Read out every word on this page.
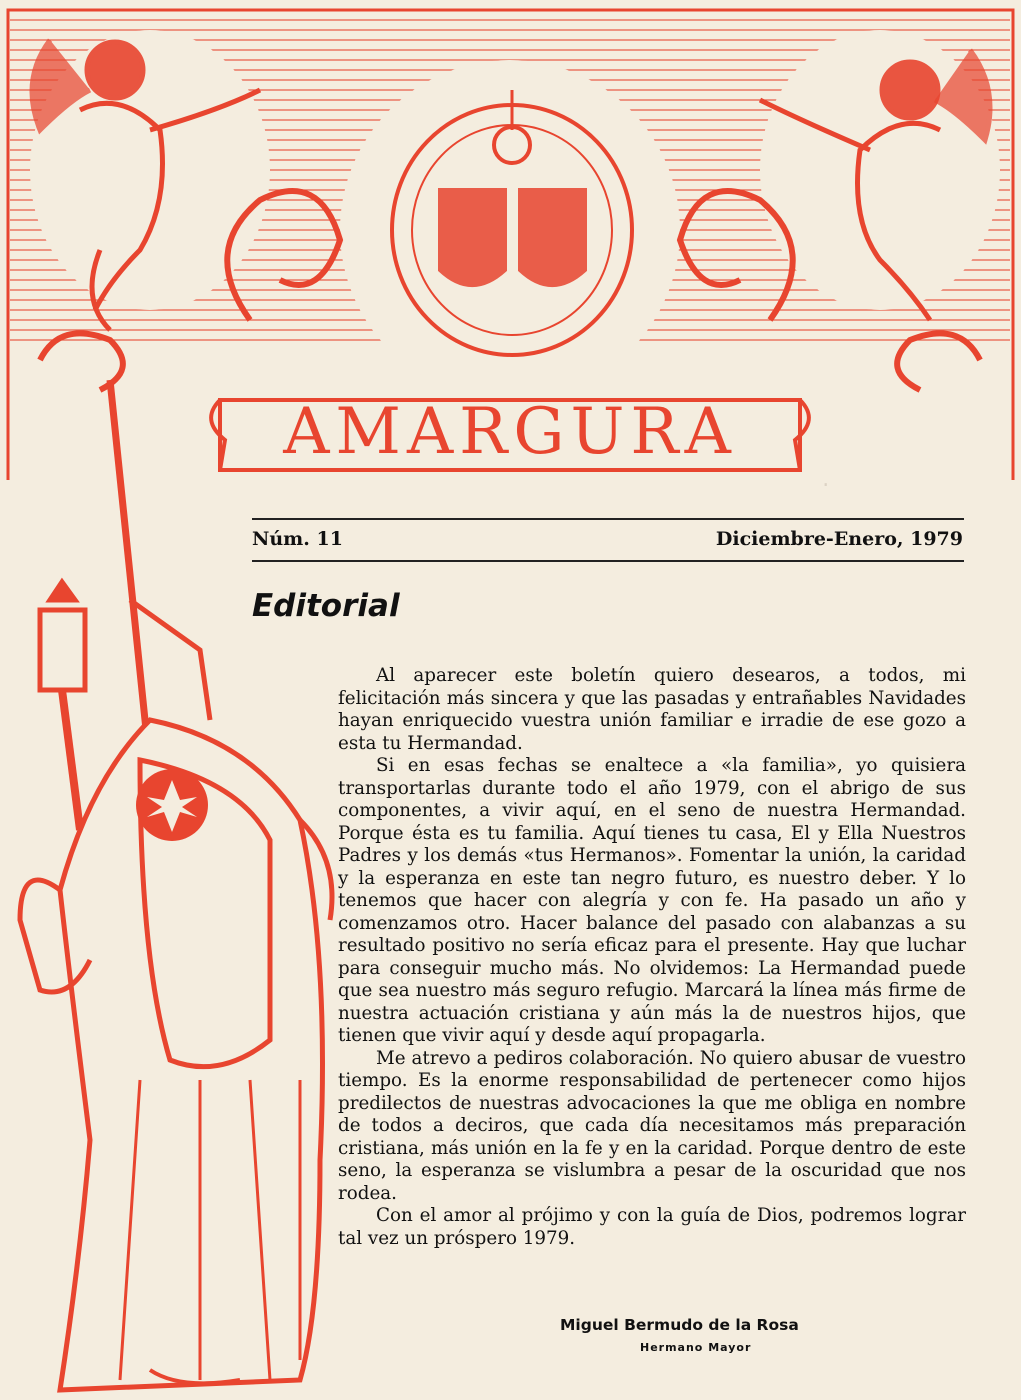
.
AMARGURA
Núm. 11	Diciembre-Enero, 1979
Editorial

Al aparecer este boletín quiero desearos, a todos, mi felicitación más sincera y que las pasadas y entrañables Navidades hayan enriquecido vuestra unión familiar e irradie de ese gozo a esta tu Hermandad.

Si en esas fechas se enaltece a «la familia», yo quisiera transportarlas durante todo el año 1979, con el abrigo de sus componentes, a vivir aquí, en el seno de nuestra Hermandad. Porque ésta es tu familia. Aquí tienes tu casa, El y Ella Nuestros Padres y los demás «tus Hermanos». Fomentar la unión, la caridad y la esperanza en este tan negro futuro, es nuestro deber. Y lo tenemos que hacer con alegría y con fe. Ha pasado un año y comenzamos otro. Hacer balance del pasado con alabanzas a su resultado positivo no sería eficaz para el presente. Hay que luchar para conseguir mucho más. No olvidemos: La Hermandad puede que sea nuestro más seguro refugio. Marcará la línea más firme de nuestra actuación cristiana y aún más la de nuestros hijos, que tienen que vivir aquí y desde aquí propagarla.

Me atrevo a pediros colaboración. No quiero abusar de vuestro tiempo. Es la enorme responsabilidad de pertenecer como hijos predilectos de nuestras advocaciones la que me obliga en nombre de todos a deciros, que cada día necesitamos más preparación cristiana, más unión en la fe y en la caridad. Porque dentro de este seno, la esperanza se vislumbra a pesar de la oscuridad que nos rodea.

Con el amor al prójimo y con la guía de Dios, podremos lograr tal vez un próspero 1979.

Miguel Bermudo de la Rosa
Hermano Mayor
